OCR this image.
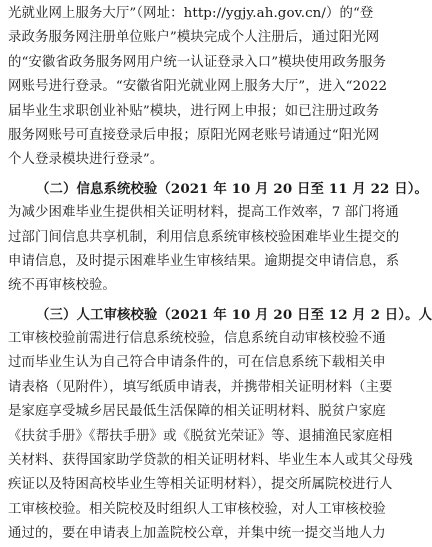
光就业网上服务大厅”（网址：http://ygjy.ah.gov.cn/）的“登
录政务服务网注册单位账户”模块完成个人注册后，通过阳光网
的“安徽省政务服务网用户统一认证登录入口”模块使用政务服务
网账号进行登录。“安徽省阳光就业网上服务大厅”，进入“2022
届毕业生求职创业补贴”模块，进行网上申报；如已注册过政务
服务网账号可直接登录后申报；原阳光网老账号请通过“阳光网
个人登录模块进行登录”。
（二）信息系统校验（2021 年 10 月 20 日至 11 月 22 日）。
为减少困难毕业生提供相关证明材料，提高工作效率，7 部门将通
过部门间信息共享机制，利用信息系统审核校验困难毕业生提交的
申请信息，及时提示困难毕业生审核结果。逾期提交申请信息，系
统不再审核校验。
（三）人工审核校验（2021 年 10 月 20 日至 12 月 2 日）。人
工审核校验前需进行信息系统校验，信息系统自动审核校验不通
过而毕业生认为自己符合申请条件的，可在信息系统下载相关申
请表格（见附件），填写纸质申请表，并携带相关证明材料（主要
是家庭享受城乡居民最低生活保障的相关证明材料、脱贫户家庭
《扶贫手册》《帮扶手册》或《脱贫光荣证》等、退捕渔民家庭相
关材料、获得国家助学贷款的相关证明材料、毕业生本人或其父母残
疾证以及特困高校毕业生等相关证明材料），提交所属院校进行人
工审核校验。相关院校及时组织人工审核校验，对人工审核校验
通过的，要在申请表上加盖院校公章，并集中统一提交当地人力
